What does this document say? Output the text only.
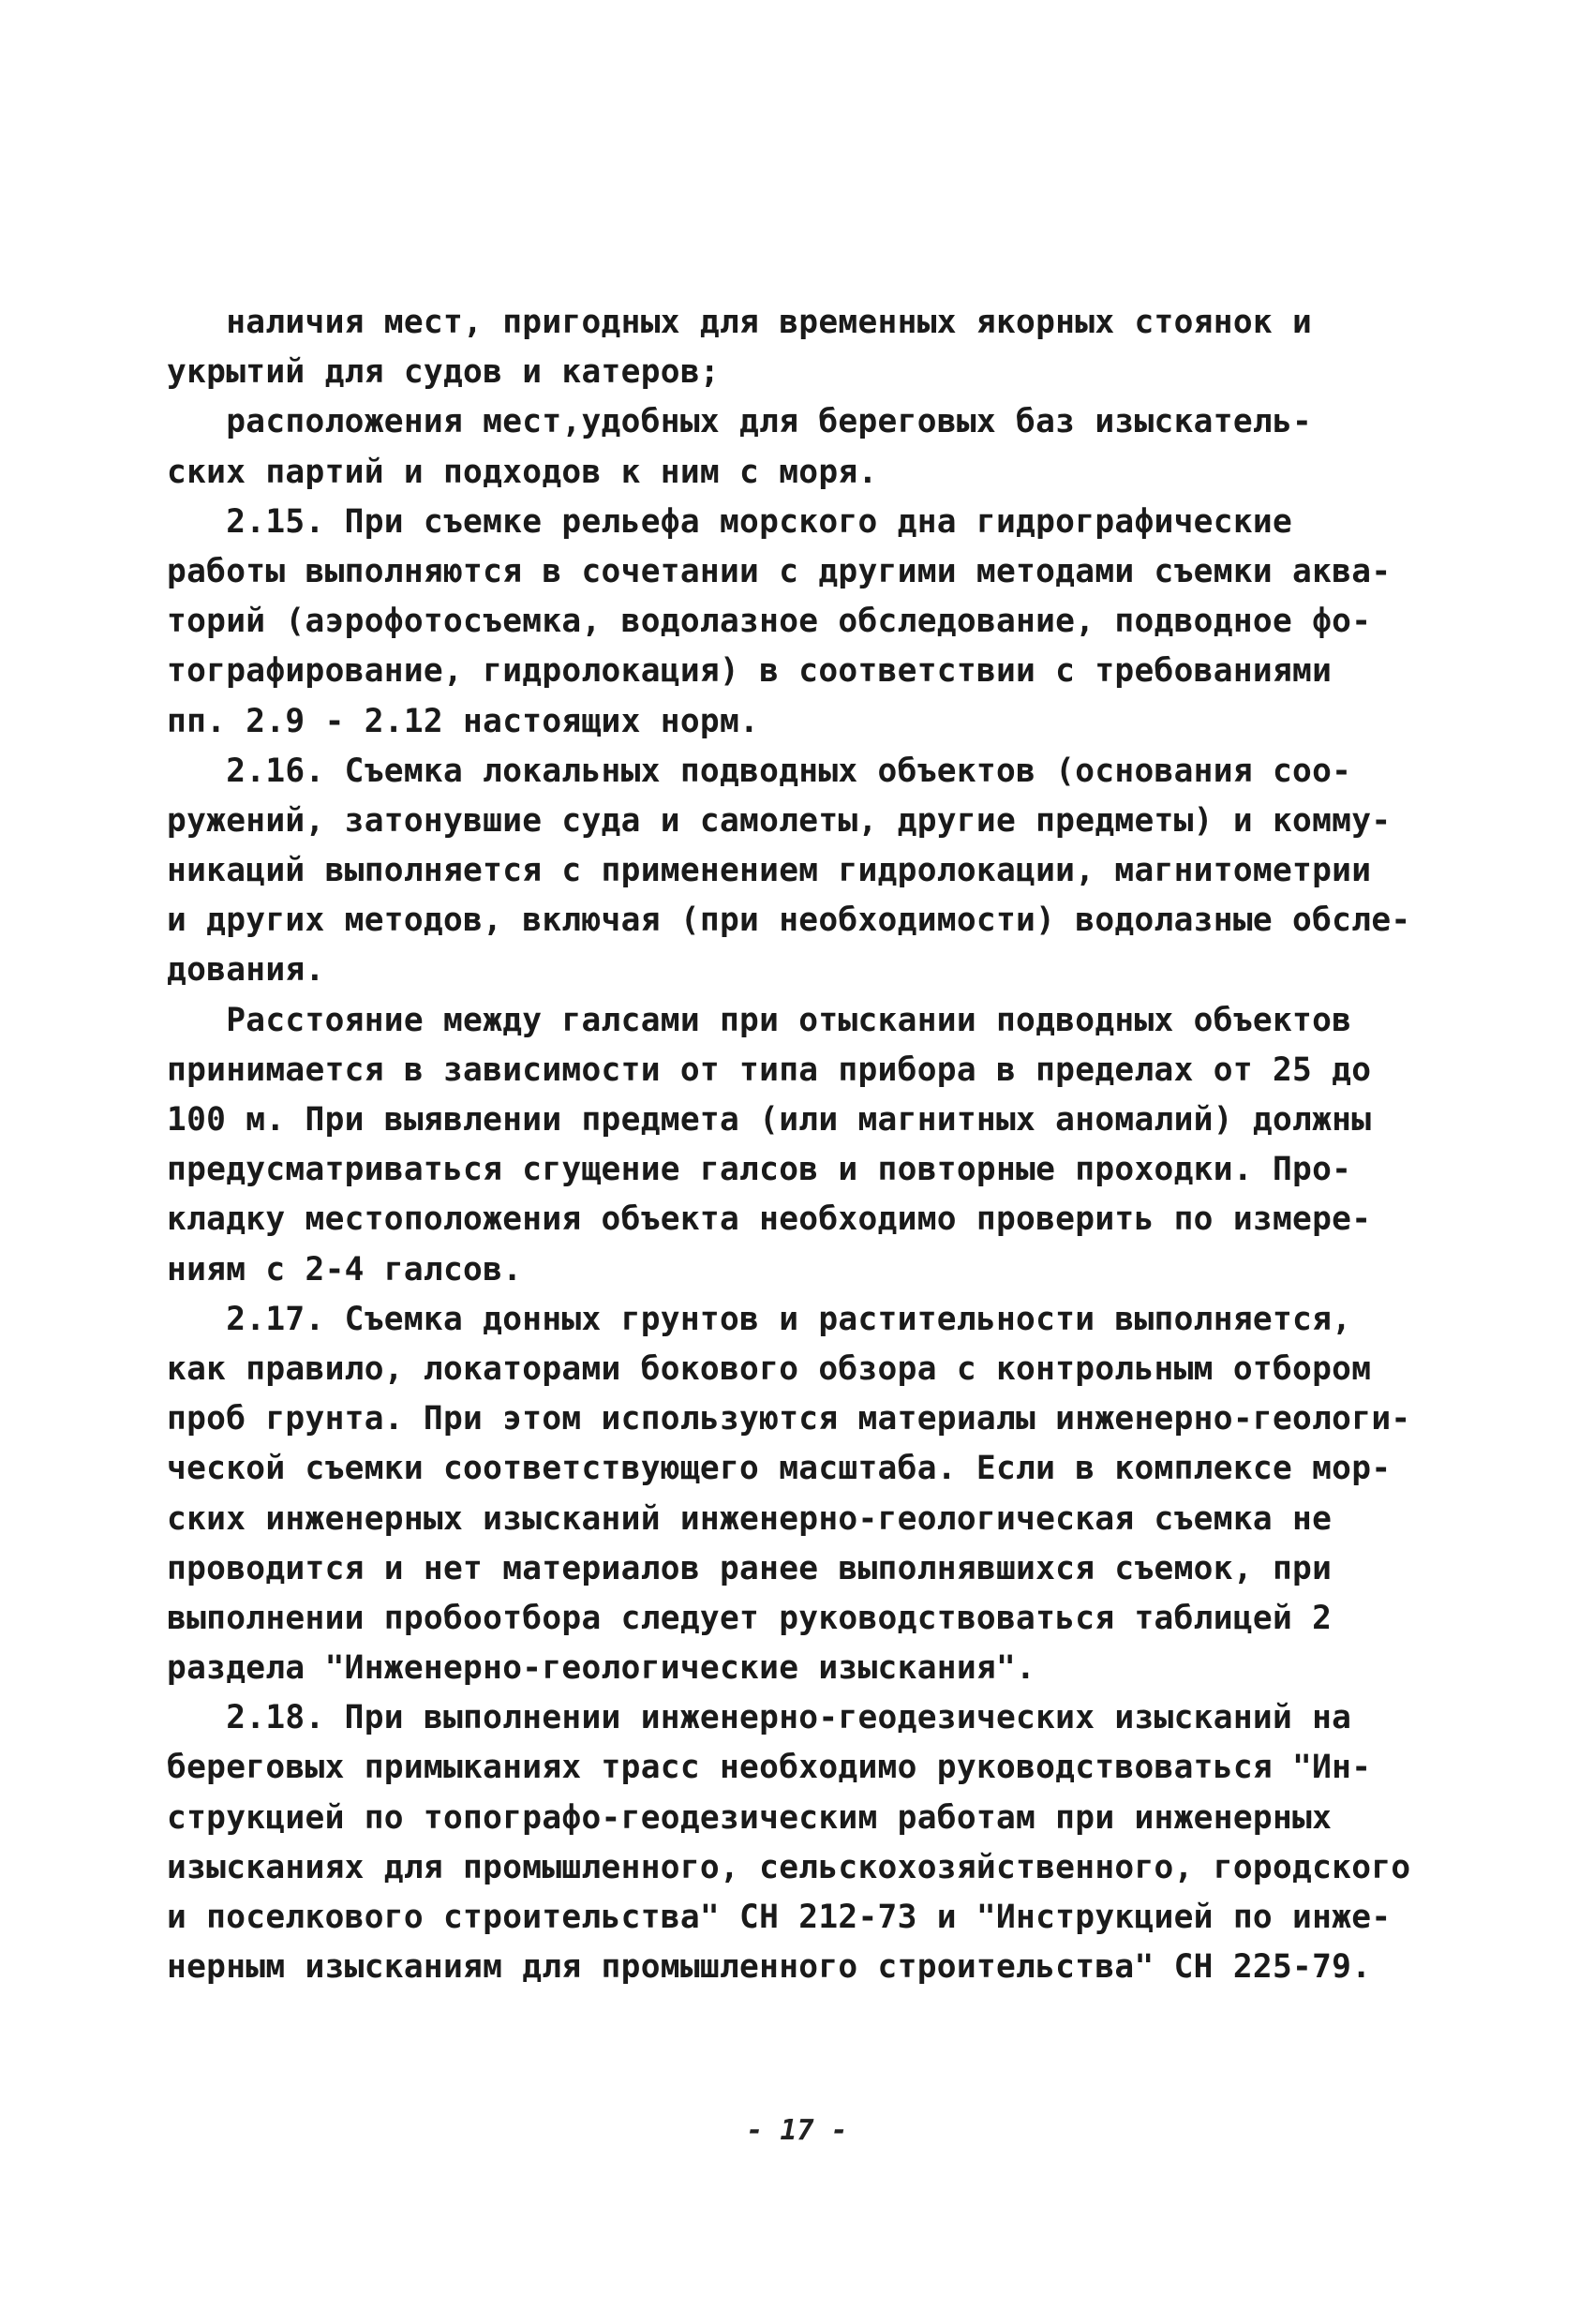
наличия мест, пригодных для временных якорных стоянок и
укрытий для судов и катеров;
расположения мест,удобных для береговых баз изыскатель-
ских партий и подходов к ним с моря.
2.15. При съемке рельефа морского дна гидрографические
работы выполняются в сочетании с другими методами съемки аква-
торий (аэрофотосъемка, водолазное обследование, подводное фо-
тографирование, гидролокация) в соответствии с требованиями
пп. 2.9 - 2.12 настоящих норм.
2.16. Съемка локальных подводных объектов (основания соо-
ружений, затонувшие суда и самолеты, другие предметы) и комму-
никаций выполняется с применением гидролокации, магнитометрии
и других методов, включая (при необходимости) водолазные обсле-
дования.
Расстояние между галсами при отыскании подводных объектов
принимается в зависимости от типа прибора в пределах от 25 до
100 м. При выявлении предмета (или магнитных аномалий) должны
предусматриваться сгущение галсов и повторные проходки. Про-
кладку местоположения объекта необходимо проверить по измере-
ниям с 2-4 галсов.
2.17. Съемка донных грунтов и растительности выполняется,
как правило, локаторами бокового обзора с контрольным отбором
проб грунта. При этом используются материалы инженерно-геологи-
ческой съемки соответствующего масштаба. Если в комплексе мор-
ских инженерных изысканий инженерно-геологическая съемка не
проводится и нет материалов ранее выполнявшихся съемок, при
выполнении пробоотбора следует руководствоваться таблицей 2
раздела "Инженерно-геологические изыскания".
2.18. При выполнении инженерно-геодезических изысканий на
береговых примыканиях трасс необходимо руководствоваться "Ин-
струкцией по топографо-геодезическим работам при инженерных
изысканиях для промышленного, сельскохозяйственного, городского
и поселкового строительства" СН 212-73 и "Инструкцией по инже-
нерным изысканиям для промышленного строительства" СН 225-79.
- 17 -
